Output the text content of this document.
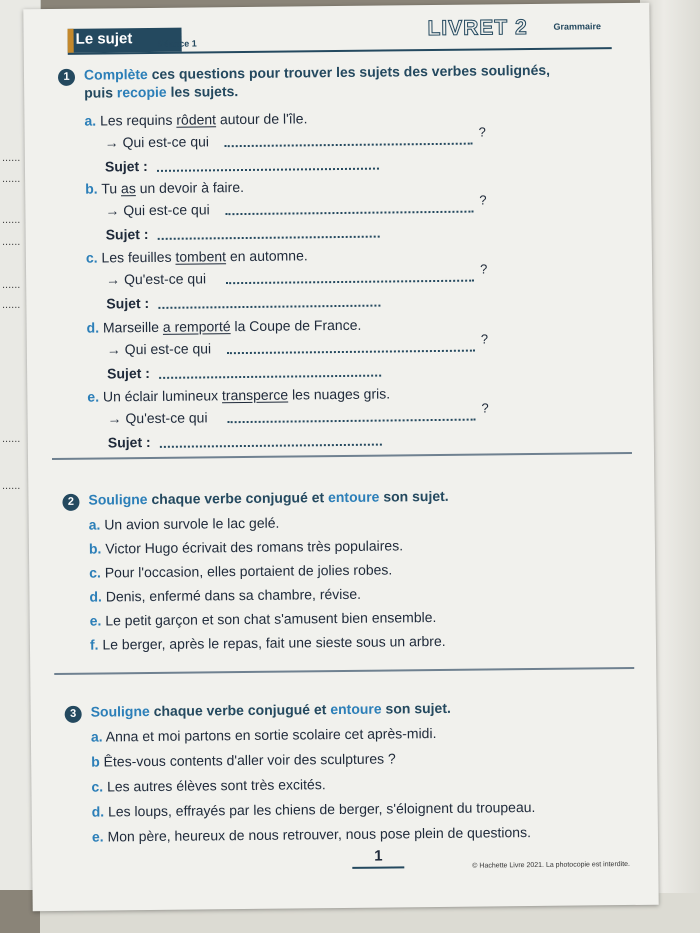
......
......
......
......
......
......
......
......
Le sujet	Séance 1
LIVRET 2	Grammaire
1	Complète ces questions pour trouver les sujets des verbes soulignés,
puis recopie les sujets.
a. Les requins rôdent autour de l'île.
→ Qui est-ce qui
?
Sujet :
b. Tu as un devoir à faire.
→ Qui est-ce qui
?
Sujet :
c. Les feuilles tombent en automne.
→ Qu'est-ce qui
?
Sujet :
d. Marseille a remporté la Coupe de France.
→ Qui est-ce qui
?
Sujet :
e. Un éclair lumineux transperce les nuages gris.
→ Qu'est-ce qui
?
Sujet :
2	Souligne chaque verbe conjugué et entoure son sujet.
a. Un avion survole le lac gelé.
b. Victor Hugo écrivait des romans très populaires.
c. Pour l'occasion, elles portaient de jolies robes.
d. Denis, enfermé dans sa chambre, révise.
e. Le petit garçon et son chat s'amusent bien ensemble.
f. Le berger, après le repas, fait une sieste sous un arbre.
3	Souligne chaque verbe conjugué et entoure son sujet.
a. Anna et moi partons en sortie scolaire cet après-midi.
b Êtes-vous contents d'aller voir des sculptures ?
c. Les autres élèves sont très excités.
d. Les loups, effrayés par les chiens de berger, s'éloignent du troupeau.
e. Mon père, heureux de nous retrouver, nous pose plein de questions.
1
© Hachette Livre 2021. La photocopie est interdite.
